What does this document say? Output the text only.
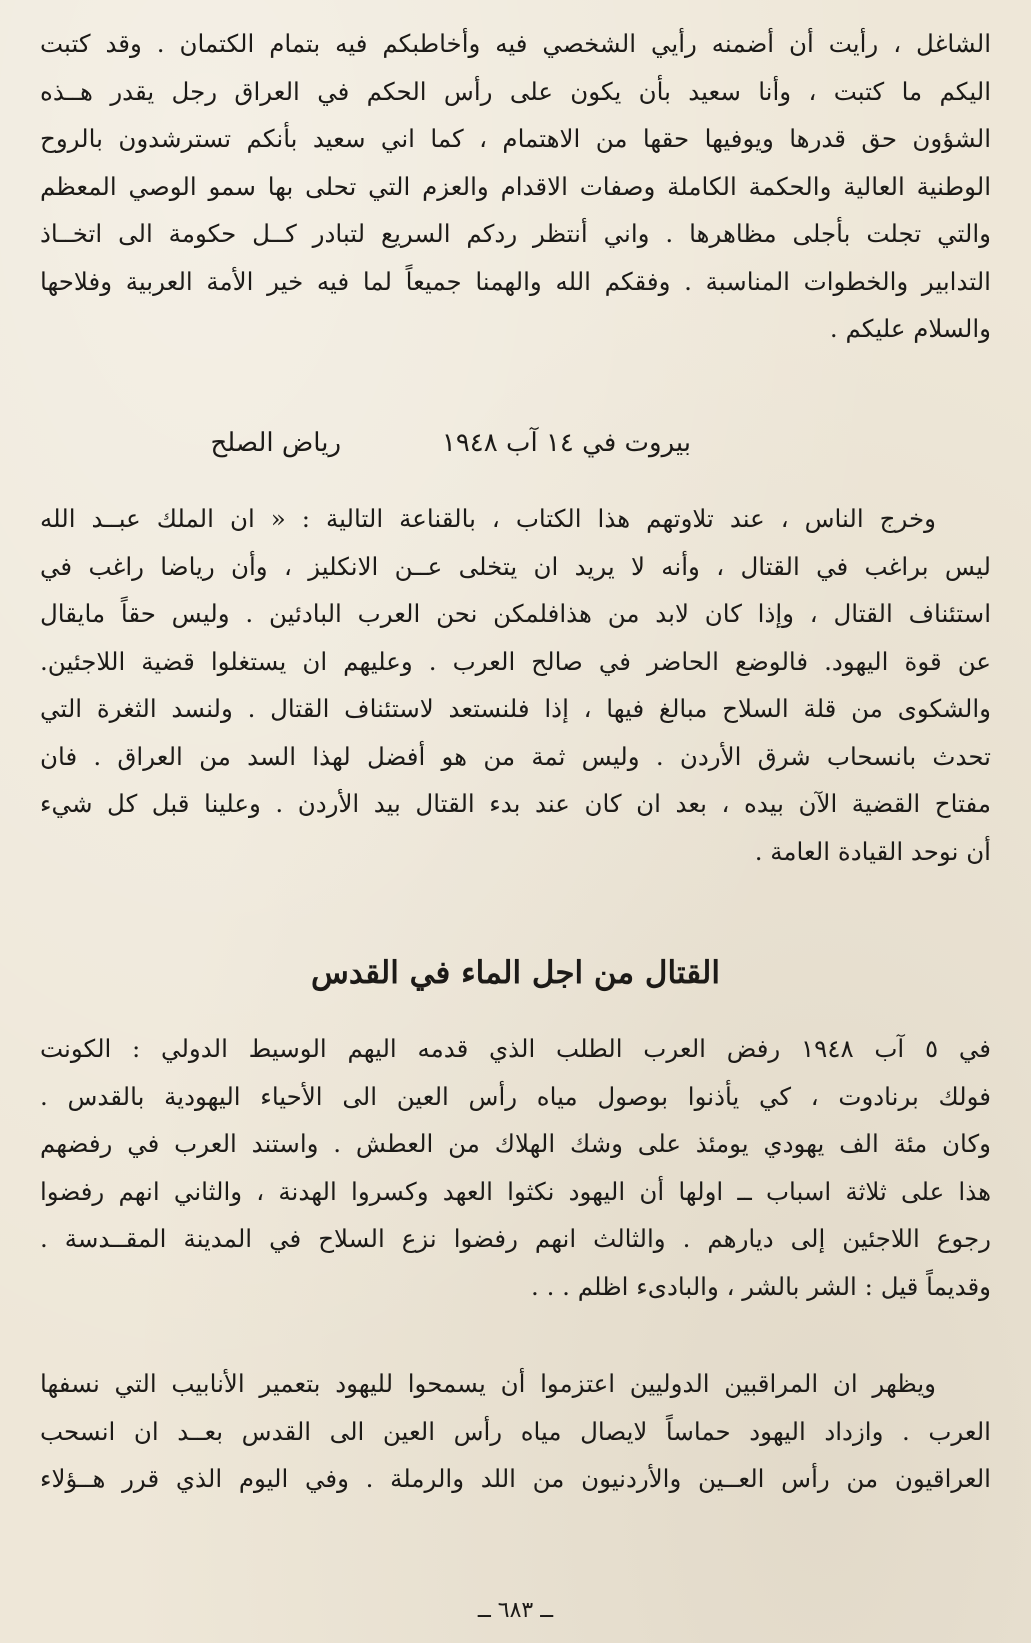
الشاغل ، رأيت أن أضمنه رأيي الشخصي فيه وأخاطبكم فيه بتمام الكتمان . وقد كتبت
اليكم ما كتبت ، وأنا سعيد بأن يكون على رأس الحكم في العراق رجل يقدر هــذه
الشؤون حق قدرها ويوفيها حقها من الاهتمام ، كما اني سعيد بأنكم تسترشدون بالروح
الوطنية العالية والحكمة الكاملة وصفات الاقدام والعزم التي تحلى بها سمو الوصي المعظم
والتي تجلت بأجلى مظاهرها . واني أنتظر ردكم السريع لتبادر كــل حكومة الى اتخــاذ
التدابير والخطوات المناسبة . وفقكم الله والهمنا جميعاً لما فيه خير الأمة العربية وفلاحها
والسلام عليكم .
بيروت في ١٤ آب ١٩٤٨
رياض الصلح
وخرج الناس ، عند تلاوتهم هذا الكتاب ، بالقناعة التالية : « ان الملك عبــد الله
ليس براغب في القتال ، وأنه لا يريد ان يتخلى عــن الانكليز ، وأن رياضا راغب في
استئناف القتال ، وإذا كان لابد من هذافلمكن نحن العرب البادئين . وليس حقاً مايقال
عن قوة اليهود. فالوضع الحاضر في صالح العرب . وعليهم ان يستغلوا قضية اللاجئين.
والشكوى من قلة السلاح مبالغ فيها ، إذا فلنستعد لاستئناف القتال . ولنسد الثغرة التي
تحدث بانسحاب شرق الأردن . وليس ثمة من هو أفضل لهذا السد من العراق . فان
مفتاح القضية الآن بيده ، بعد ان كان عند بدء القتال بيد الأردن . وعلينا قبل كل شيء
أن نوحد القيادة العامة .
القتال من اجل الماء في القدس
في ٥ آب ١٩٤٨ رفض العرب الطلب الذي قدمه اليهم الوسيط الدولي : الكونت
فولك برنادوت ، كي يأذنوا بوصول مياه رأس العين الى الأحياء اليهودية بالقدس .
وكان مئة الف يهودي يومئذ على وشك الهلاك من العطش . واستند العرب في رفضهم
هذا على ثلاثة اسباب ــ اولها أن اليهود نكثوا العهد وكسروا الهدنة ، والثاني انهم رفضوا
رجوع اللاجئين إلى ديارهم . والثالث انهم رفضوا نزع السلاح في المدينة المقــدسة .
وقديماً قيل : الشر بالشر ، والبادىء اظلم . . .
ويظهر ان المراقبين الدوليين اعتزموا أن يسمحوا لليهود بتعمير الأنابيب التي نسفها
العرب . وازداد اليهود حماساً لايصال مياه رأس العين الى القدس بعــد ان انسحب
العراقيون من رأس العــين والأردنيون من اللد والرملة . وفي اليوم الذي قرر هــؤلاء
ــ ٦٨٣ ــ
